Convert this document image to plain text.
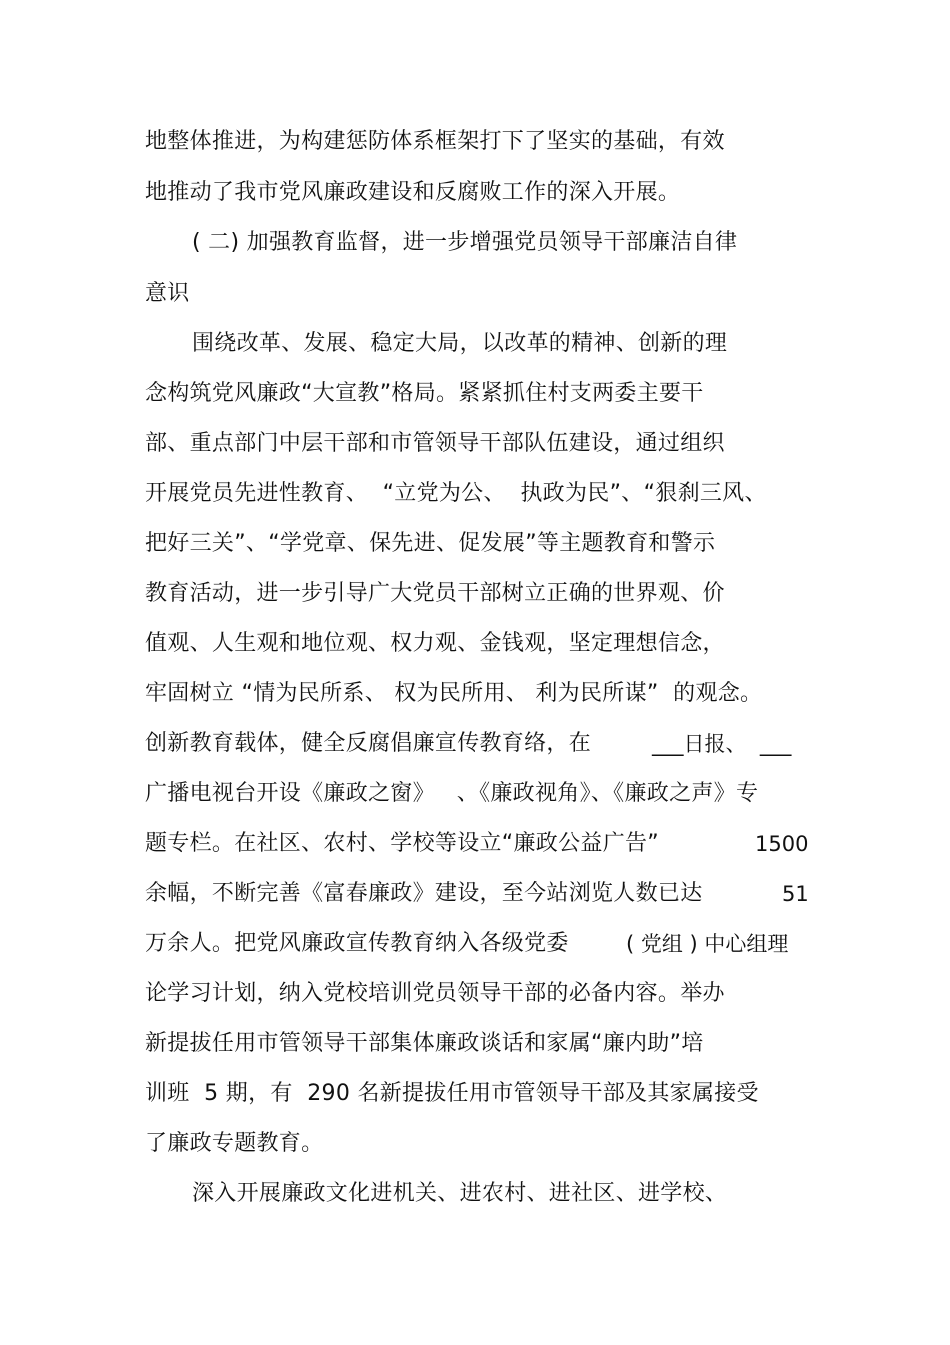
地整体推进，为构建惩防体系框架打下了坚实的基础，有效
地推动了我市党风廉政建设和反腐败工作的深入开展。
( 二) 加强教育监督，进一步增强党员领导干部廉洁自律
意识
围绕改革、发展、稳定大局，以改革的精神、创新的理
念构筑党风廉政“大宣教”格局。紧紧抓住村支两委主要干
部、重点部门中层干部和市管领导干部队伍建设，通过组织
开展党员先进性教育、  “立党为公、  执政为民”、“狠刹三风、
把好三关”、“学党章、保先进、促发展”等主题教育和警示
教育活动，进一步引导广大党员干部树立正确的世界观、价
值观、人生观和地位观、权力观、金钱观，坚定理想信念，
牢固树立 “情为民所系、 权为民所用、 利为民所谋”  的观念。
创新教育载体，健全反腐倡廉宣传教育络，在	___日报、  ___
广播电视台开设《廉政之窗》   、《廉政视角》、《廉政之声》专
题专栏。在社区、农村、学校等设立“廉政公益广告”	1500
余幅，不断完善《富春廉政》建设，至今站浏览人数已达	51
万余人。把党风廉政宣传教育纳入各级党委	( 党组 ) 中心组理
论学习计划，纳入党校培训党员领导干部的必备内容。举办
新提拔任用市管领导干部集体廉政谈话和家属“廉内助”培
训班  5 期，有  290 名新提拔任用市管领导干部及其家属接受
了廉政专题教育。
深入开展廉政文化进机关、进农村、进社区、进学校、
